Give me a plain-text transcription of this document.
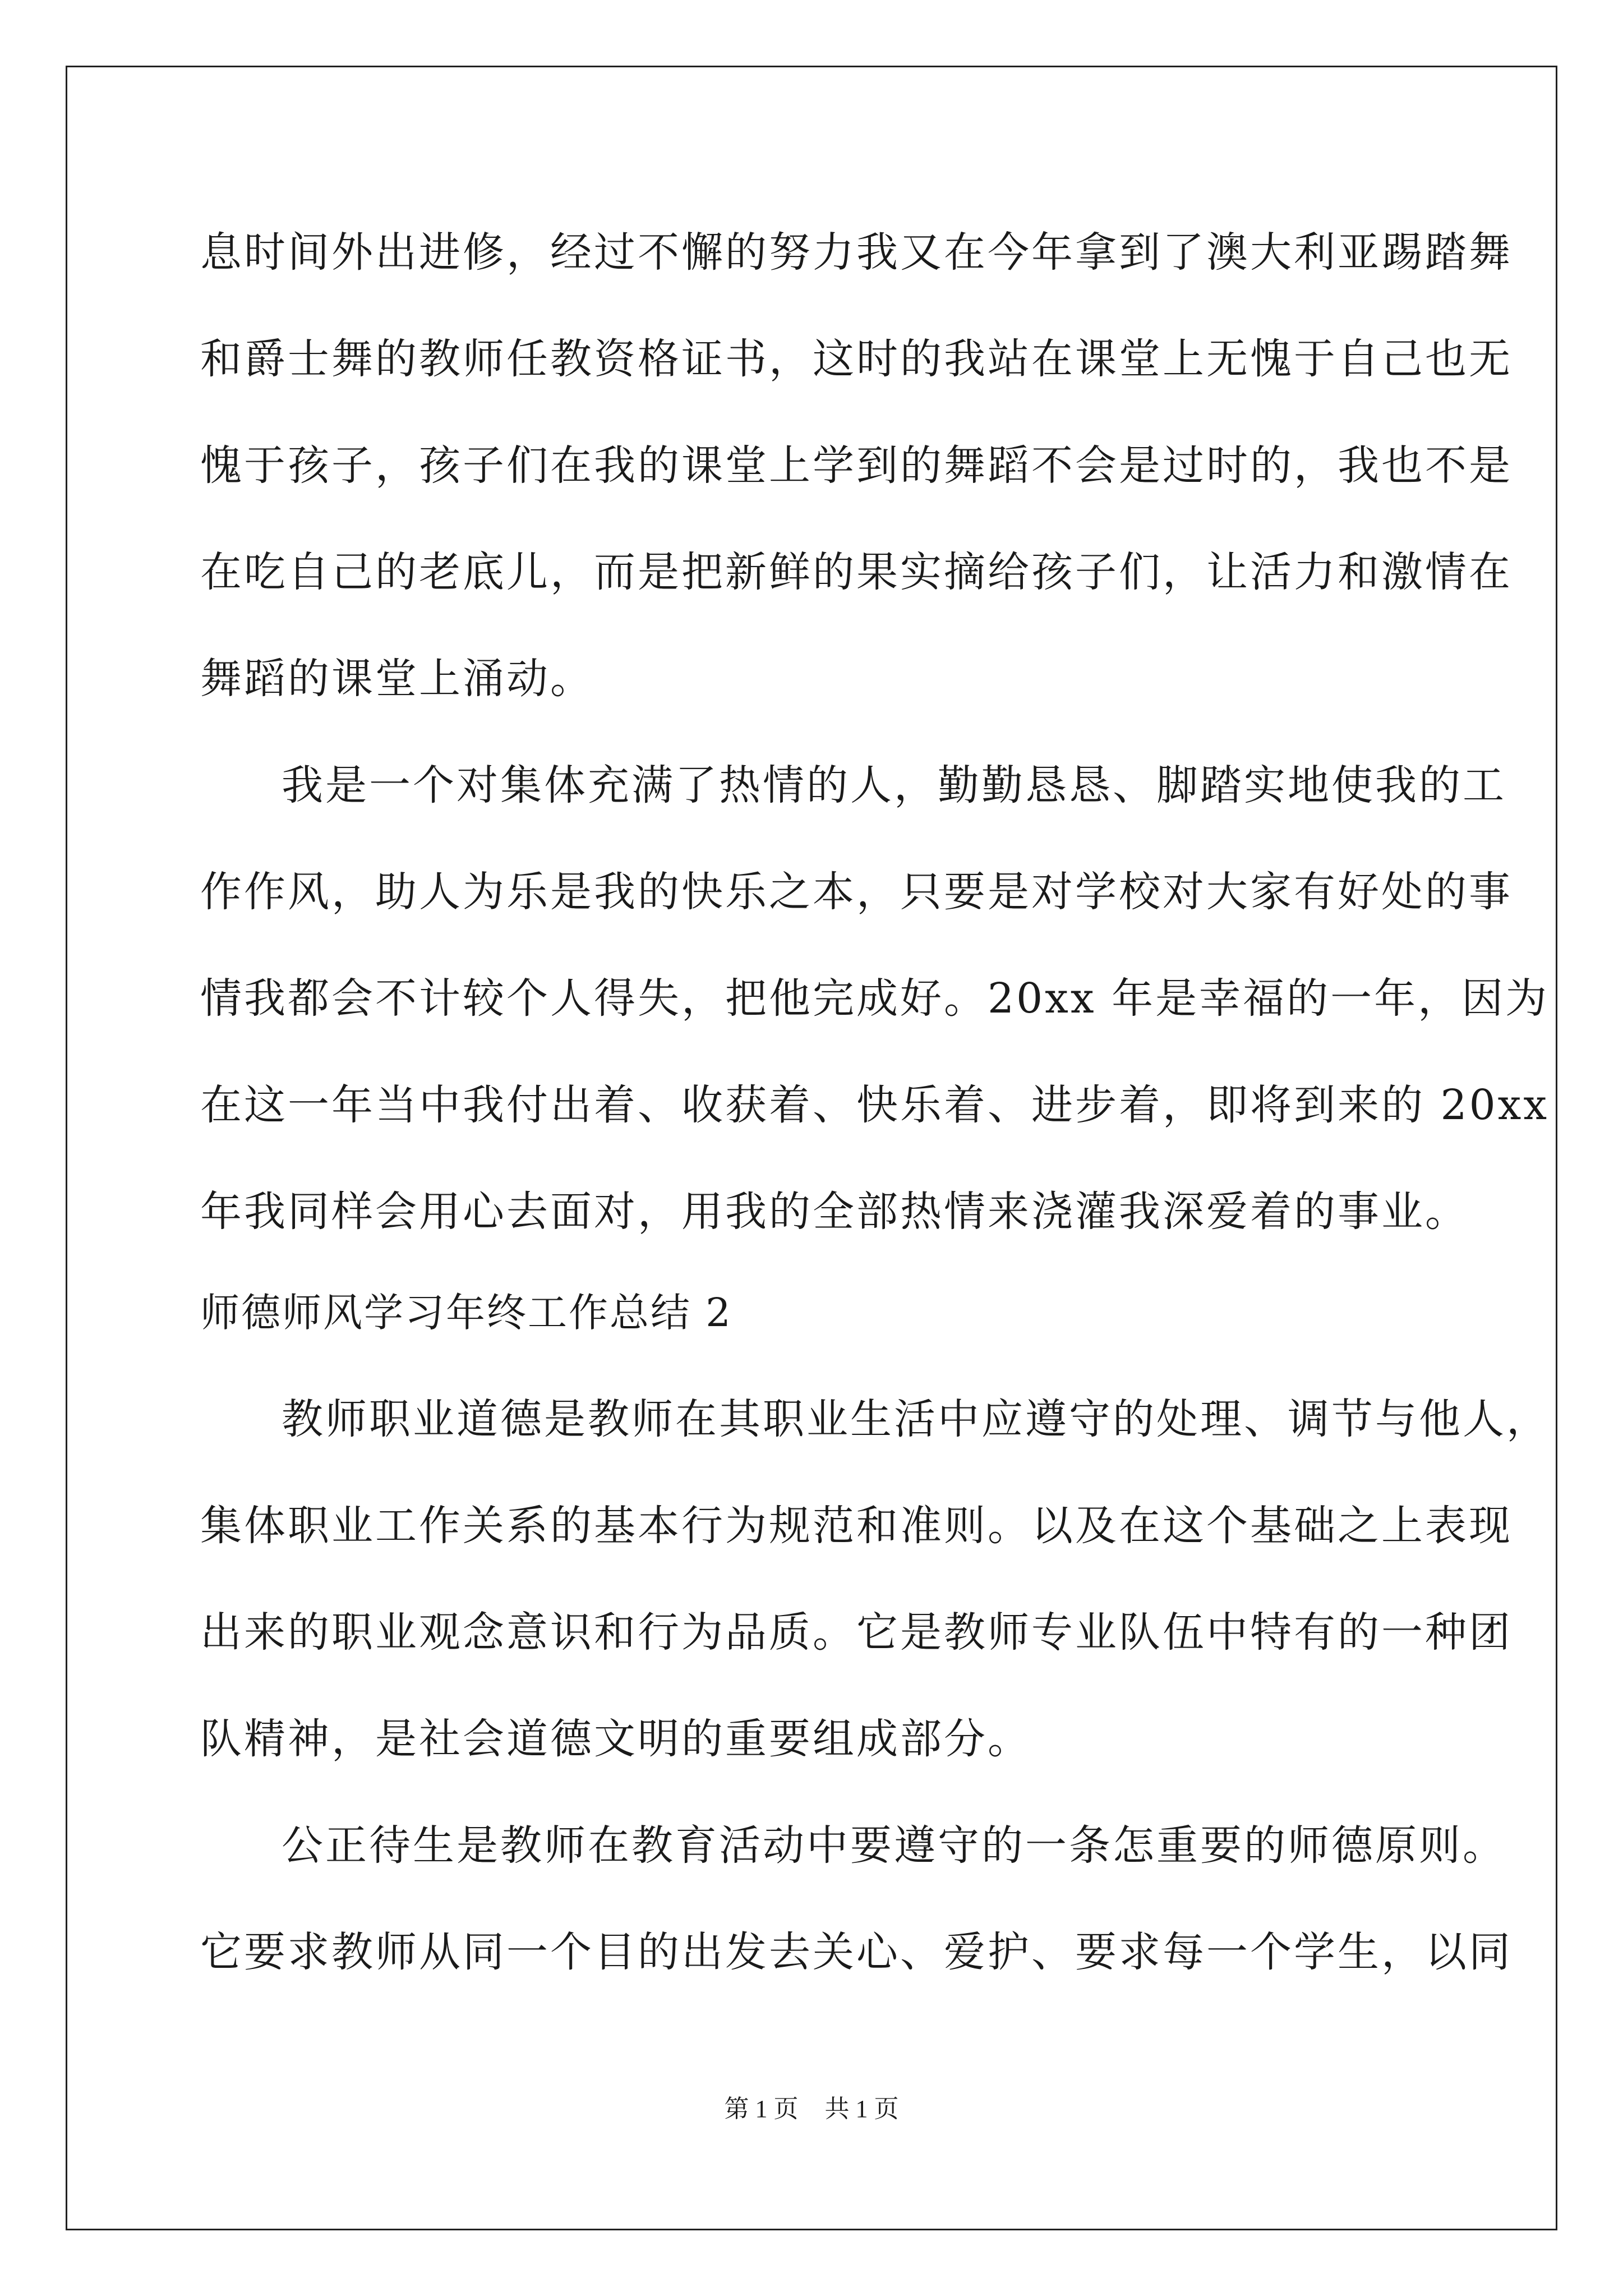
息时间外出进修，经过不懈的努力我又在今年拿到了澳大利亚踢踏舞
和爵士舞的教师任教资格证书，这时的我站在课堂上无愧于自己也无
愧于孩子，孩子们在我的课堂上学到的舞蹈不会是过时的，我也不是
在吃自己的老底儿，而是把新鲜的果实摘给孩子们，让活力和激情在
舞蹈的课堂上涌动。
我是一个对集体充满了热情的人，勤勤恳恳、脚踏实地使我的工
作作风，助人为乐是我的快乐之本，只要是对学校对大家有好处的事
情我都会不计较个人得失，把他完成好。20xx 年是幸福的一年，因为
在这一年当中我付出着、收获着、快乐着、进步着，即将到来的 20xx
年我同样会用心去面对，用我的全部热情来浇灌我深爱着的事业。
师德师风学习年终工作总结 2
教师职业道德是教师在其职业生活中应遵守的处理、调节与他人，
集体职业工作关系的基本行为规范和准则。以及在这个基础之上表现
出来的职业观念意识和行为品质。它是教师专业队伍中特有的一种团
队精神，是社会道德文明的重要组成部分。
公正待生是教师在教育活动中要遵守的一条怎重要的师德原则。
它要求教师从同一个目的出发去关心、爱护、要求每一个学生，以同
第 1 页 共 1 页
